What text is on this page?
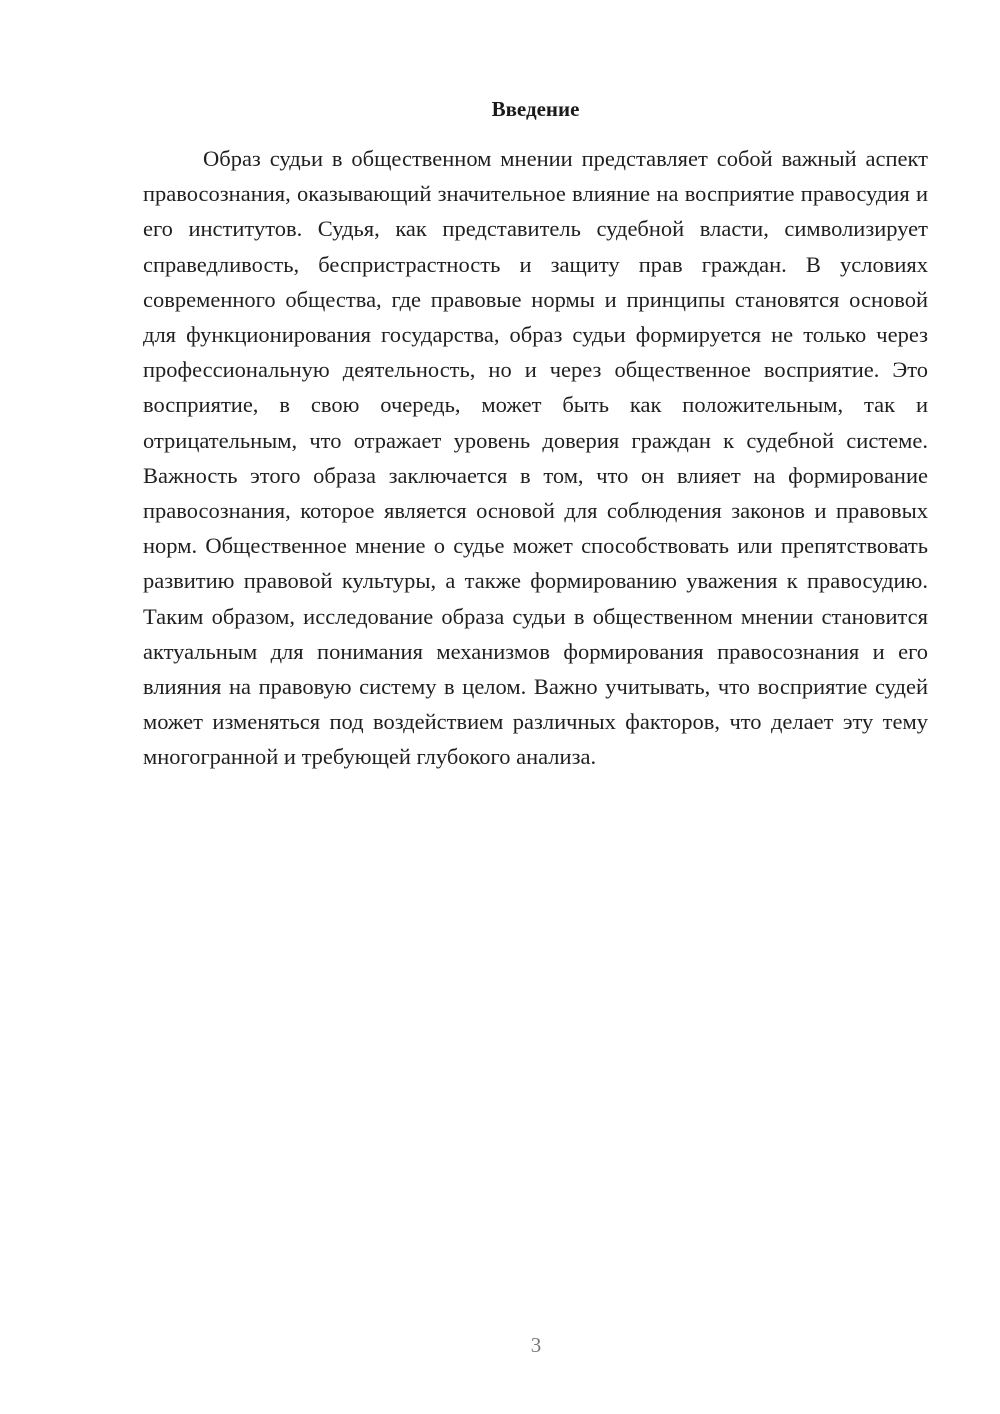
Введение

Образ судьи в общественном мнении представляет собой важный аспект правосознания, оказывающий значительное влияние на восприятие правосудия и его институтов. Судья, как представитель судебной власти, символизирует справедливость, беспристрастность и защиту прав граждан. В условиях современного общества, где правовые нормы и принципы становятся основой для функционирования государства, образ судьи формируется не только через профессиональную деятельность, но и через общественное восприятие. Это восприятие, в свою очередь, может быть как положительным, так и отрицательным, что отражает уровень доверия граждан к судебной системе. Важность этого образа заключается в том, что он влияет на формирование правосознания, которое является основой для соблюдения законов и правовых норм. Общественное мнение о судье может способствовать или препятствовать развитию правовой культуры, а также формированию уважения к правосудию. Таким образом, исследование образа судьи в общественном мнении становится актуальным для понимания механизмов формирования правосознания и его влияния на правовую систему в целом. Важно учитывать, что восприятие судей может изменяться под воздействием различных факторов, что делает эту тему многогранной и требующей глубокого анализа.

3
